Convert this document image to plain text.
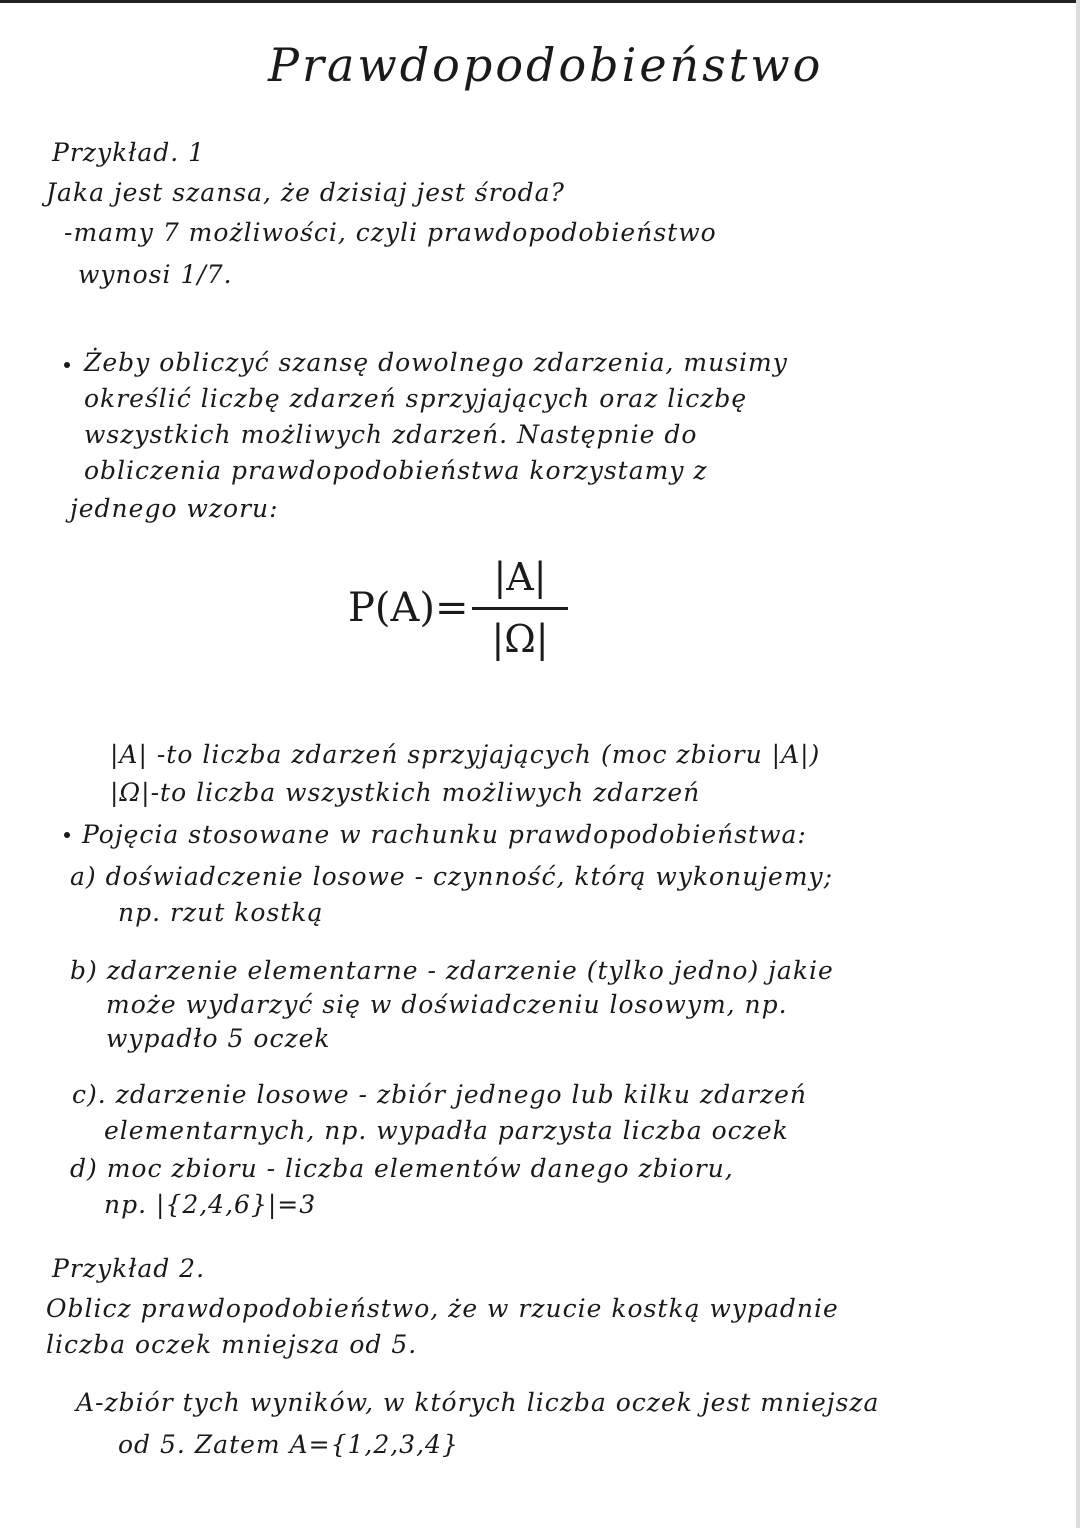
Prawdopodobieństwo
Przykład. 1
Jaka jest szansa, że dzisiaj jest środa?
-mamy 7 możliwości, czyli prawdopodobieństwo
wynosi 1/7.
Żeby obliczyć szansę dowolnego zdarzenia, musimy
określić liczbę zdarzeń sprzyjających oraz liczbę
wszystkich możliwych zdarzeń. Następnie do
obliczenia prawdopodobieństwa korzystamy z
jednego wzoru:
P(A)=
|A|
|Ω|
|A| -to liczba zdarzeń sprzyjających (moc zbioru |A|)
|Ω|-to liczba wszystkich możliwych zdarzeń
Pojęcia stosowane w rachunku prawdopodobieństwa:
a) doświadczenie losowe - czynność, którą wykonujemy;
np. rzut kostką
b) zdarzenie elementarne - zdarzenie (tylko jedno) jakie
może wydarzyć się w doświadczeniu losowym, np.
wypadło 5 oczek
c). zdarzenie losowe - zbiór jednego lub kilku zdarzeń
elementarnych, np. wypadła parzysta liczba oczek
d) moc zbioru - liczba elementów danego zbioru,
np. |{2,4,6}|=3
Przykład 2.
Oblicz prawdopodobieństwo, że w rzucie kostką wypadnie
liczba oczek mniejsza od 5.
A-zbiór tych wyników, w których liczba oczek jest mniejsza
od 5. Zatem A={1,2,3,4}
